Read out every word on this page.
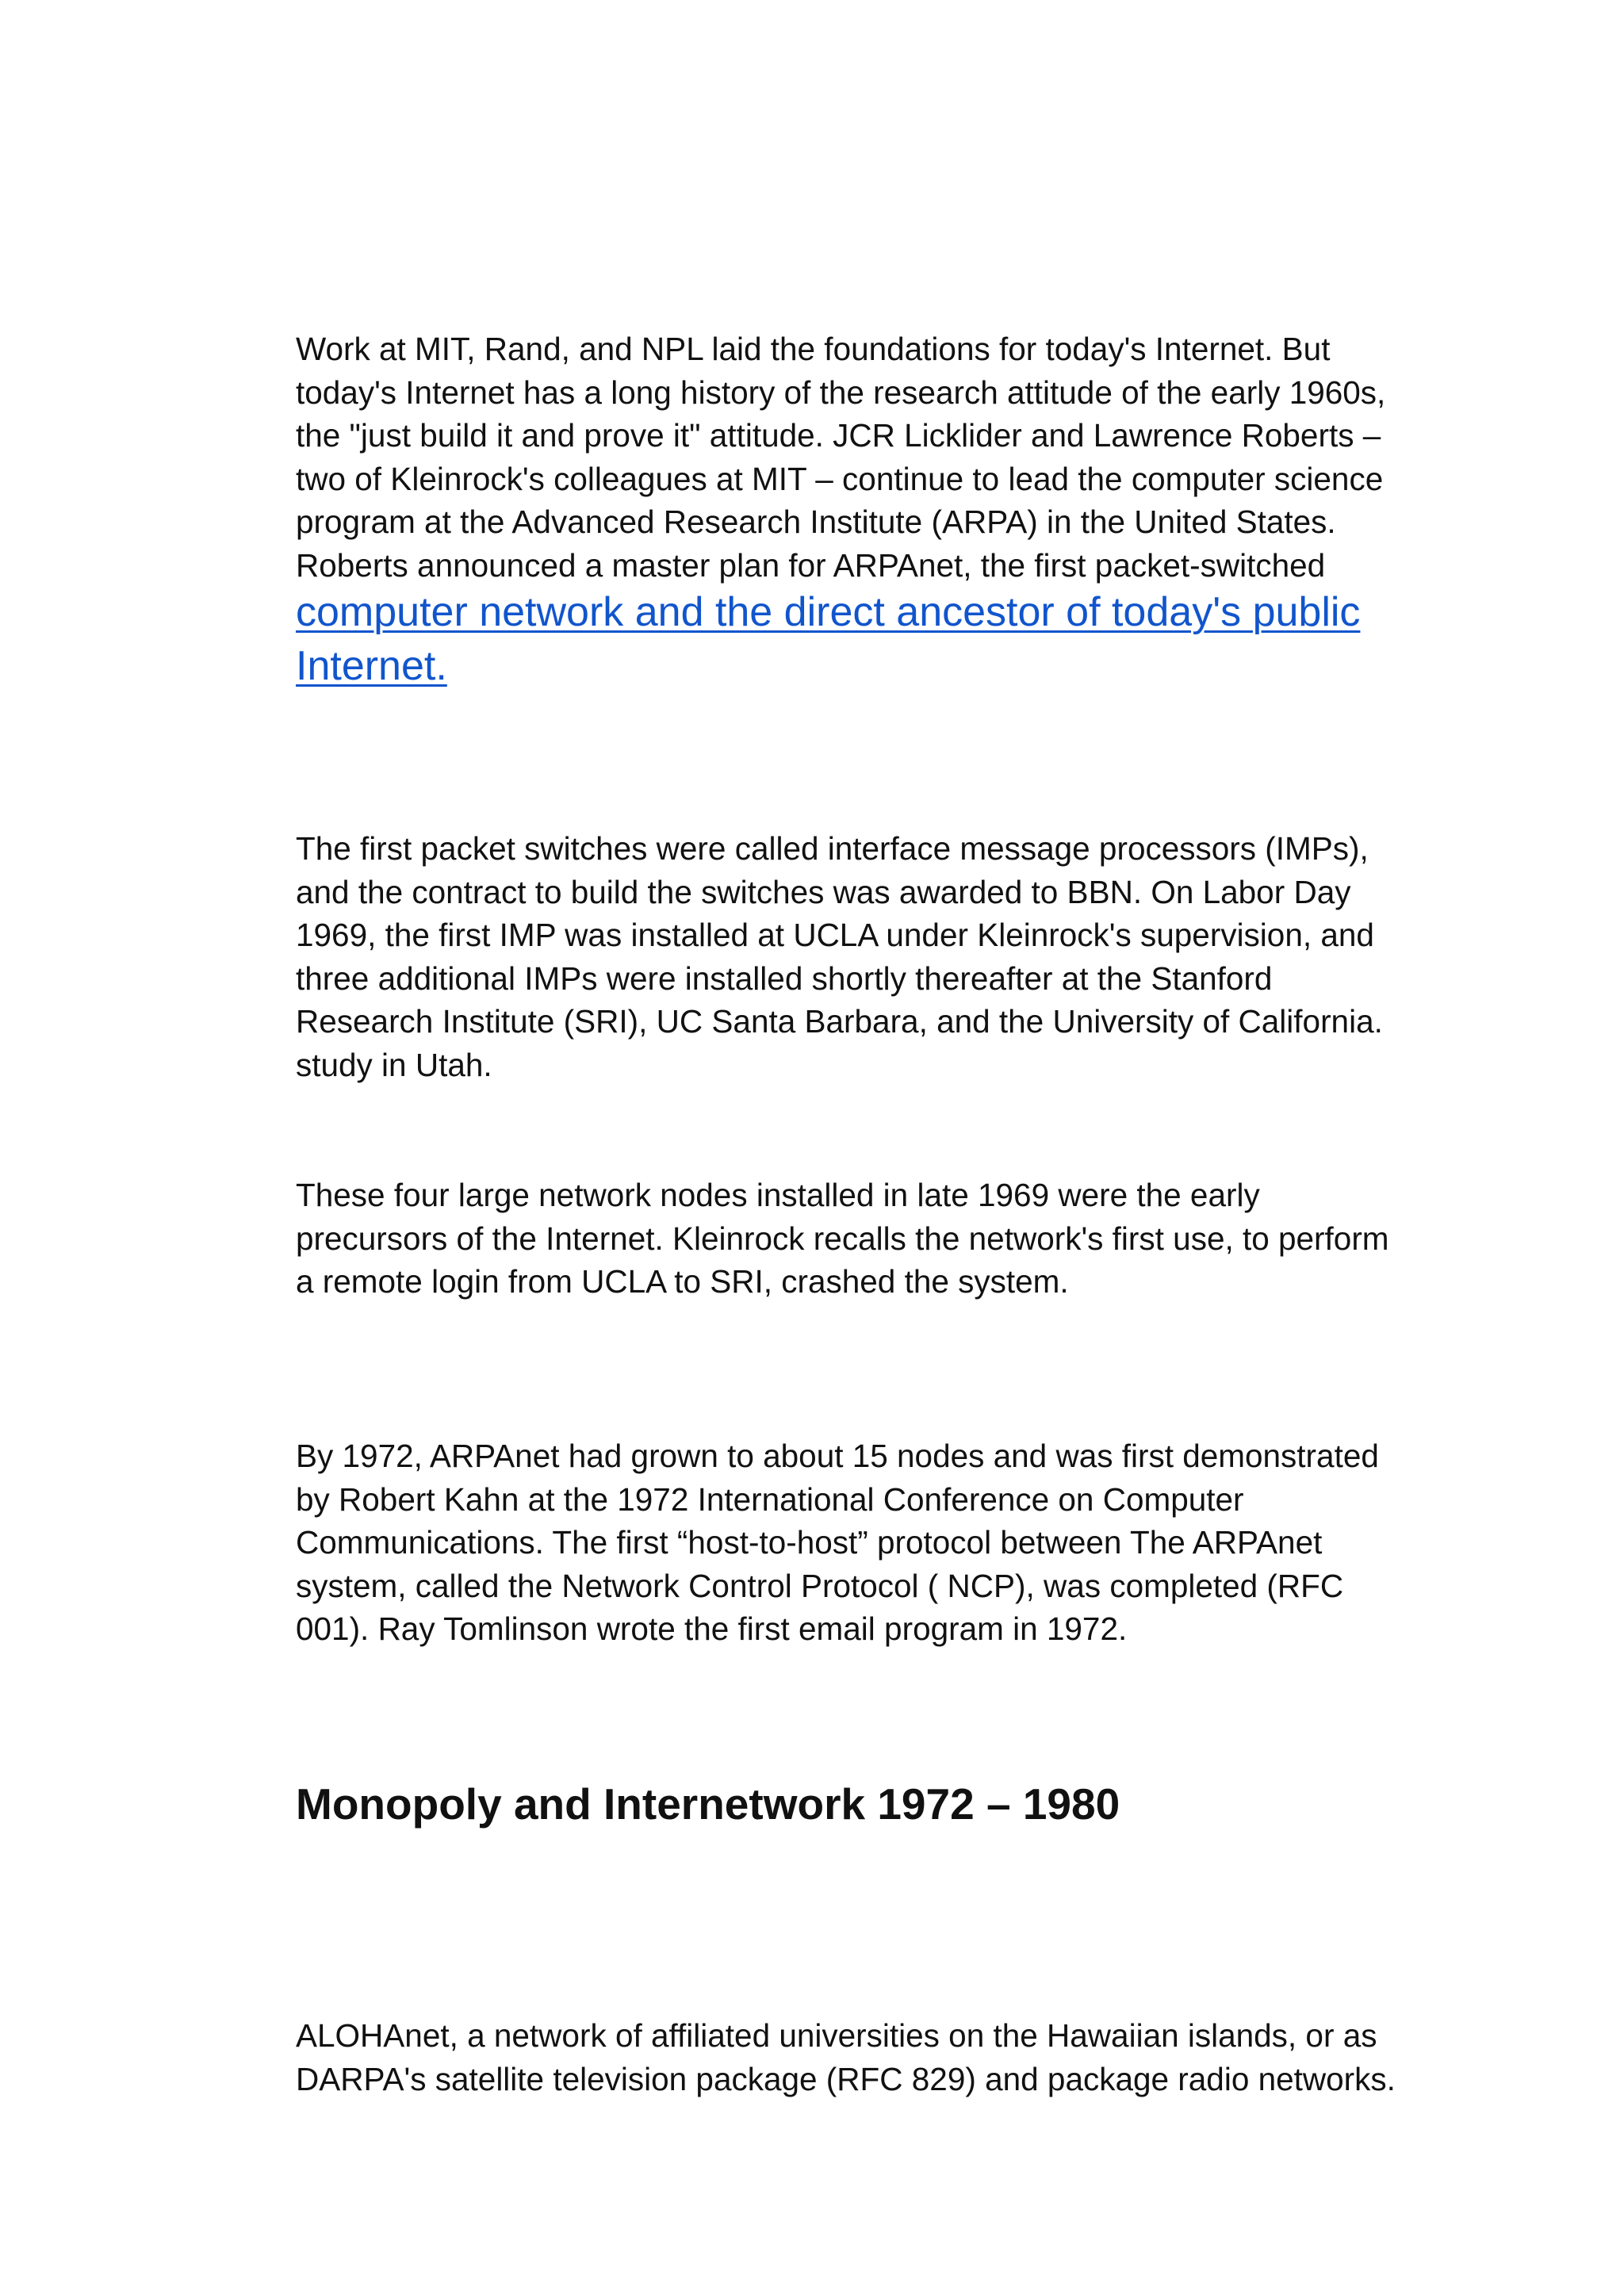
Work at MIT, Rand, and NPL laid the foundations for today's Internet. But
today's Internet has a long history of the research attitude of the early 1960s,
the "just build it and prove it" attitude. JCR Licklider and Lawrence Roberts –
two of Kleinrock's colleagues at MIT – continue to lead the computer science
program at the Advanced Research Institute (ARPA) in the United States.
Roberts announced a master plan for ARPAnet, the first packet-switched
computer network and the direct ancestor of today's public
Internet.
The first packet switches were called interface message processors (IMPs),
and the contract to build the switches was awarded to BBN. On Labor Day
1969, the first IMP was installed at UCLA under Kleinrock's supervision, and
three additional IMPs were installed shortly thereafter at the Stanford
Research Institute (SRI), UC Santa Barbara, and the University of California.
study in Utah.
These four large network nodes installed in late 1969 were the early
precursors of the Internet. Kleinrock recalls the network's first use, to perform
a remote login from UCLA to SRI, crashed the system.
By 1972, ARPAnet had grown to about 15 nodes and was first demonstrated
by Robert Kahn at the 1972 International Conference on Computer
Communications. The first “host-to-host” protocol between The ARPAnet
system, called the Network Control Protocol ( NCP), was completed (RFC
001). Ray Tomlinson wrote the first email program in 1972.
Monopoly and Internetwork 1972 – 1980
ALOHAnet, a network of affiliated universities on the Hawaiian islands, or as
DARPA's satellite television package (RFC 829) and package radio networks.
